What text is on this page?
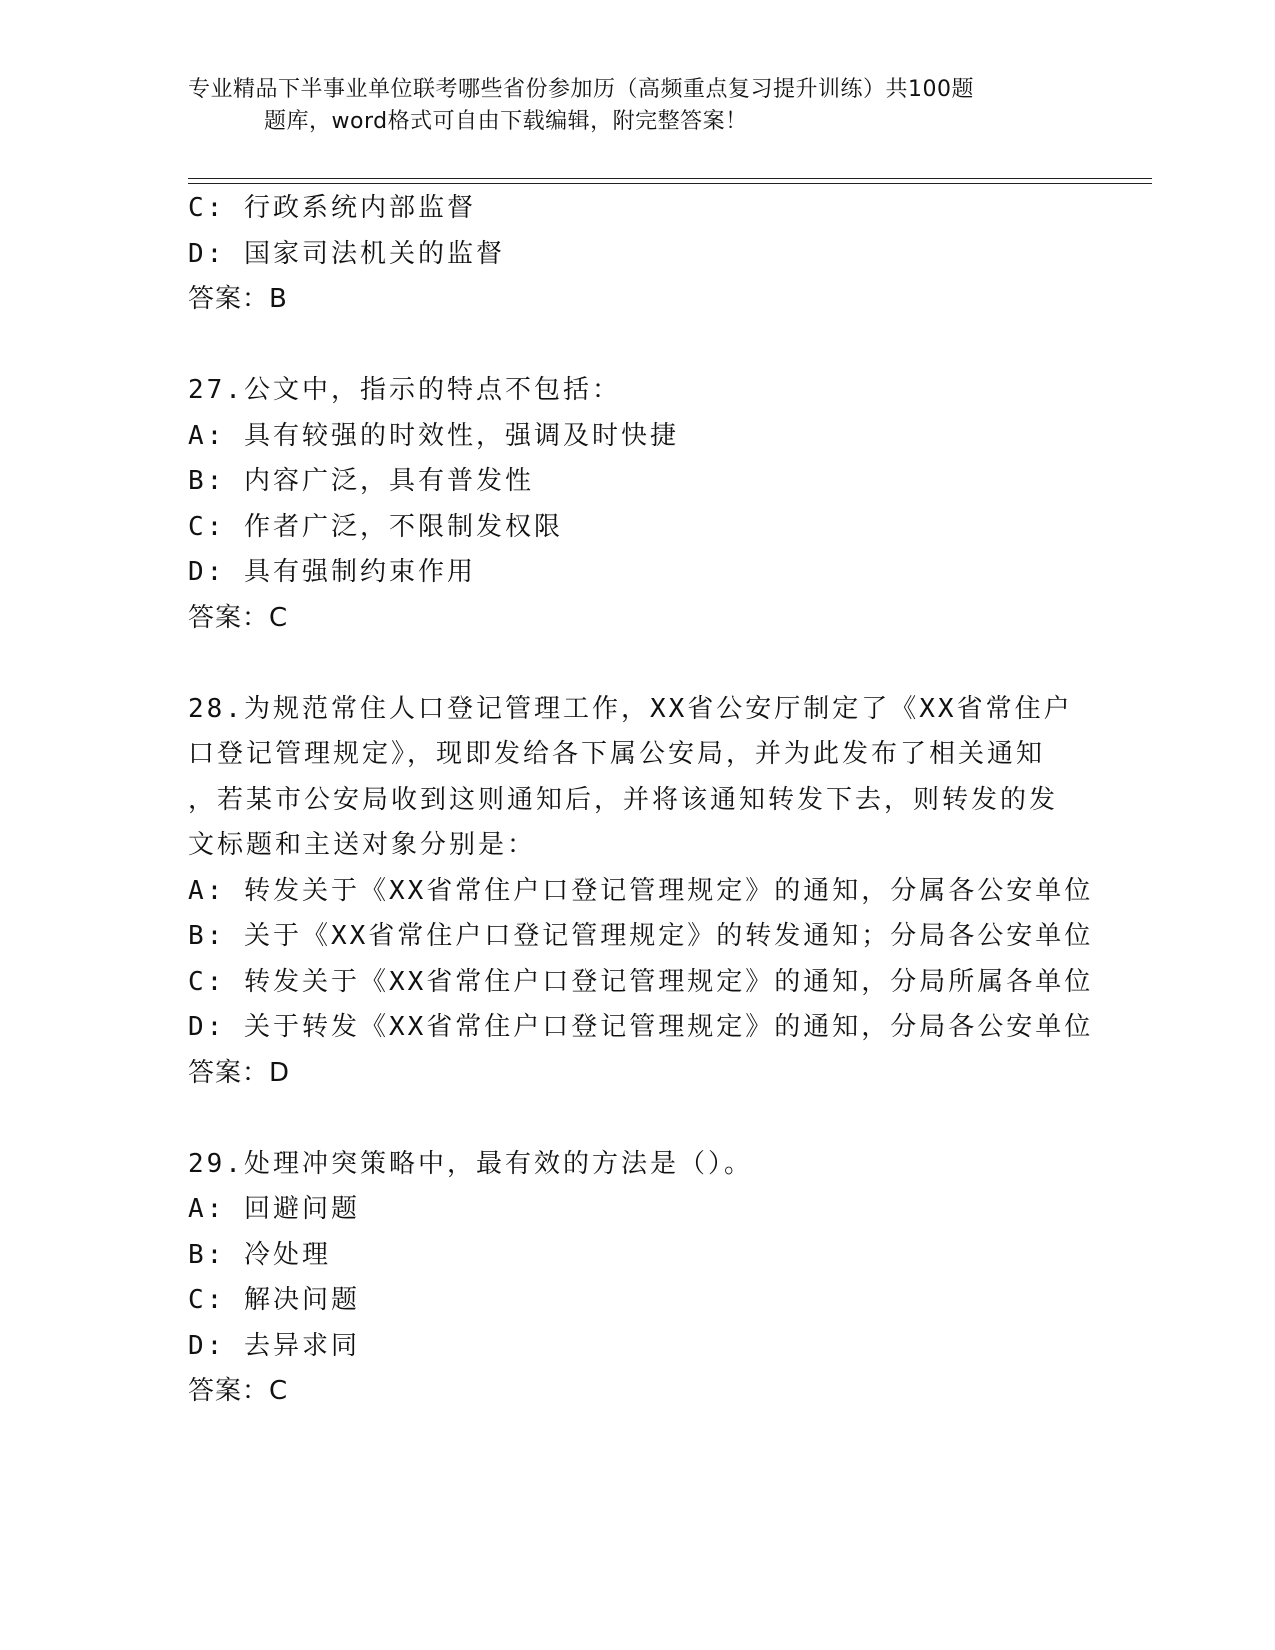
专业精品下半事业单位联考哪些省份参加历（高频重点复习提升训练）共100题
题库，word格式可自由下载编辑，附完整答案！
C: 行政系统内部监督
D: 国家司法机关的监督
答案：B
27.公文中，指示的特点不包括：
A: 具有较强的时效性，强调及时快捷
B: 内容广泛，具有普发性
C: 作者广泛，不限制发权限
D: 具有强制约束作用
答案：C
28.为规范常住人口登记管理工作，XX省公安厅制定了《XX省常住户
口登记管理规定》，现即发给各下属公安局，并为此发布了相关通知
，若某市公安局收到这则通知后，并将该通知转发下去，则转发的发
文标题和主送对象分别是：
A: 转发关于《XX省常住户口登记管理规定》的通知，分属各公安单位
B: 关于《XX省常住户口登记管理规定》的转发通知；分局各公安单位
C: 转发关于《XX省常住户口登记管理规定》的通知，分局所属各单位
D: 关于转发《XX省常住户口登记管理规定》的通知，分局各公安单位
答案：D
29.处理冲突策略中，最有效的方法是（）。
A: 回避问题
B: 冷处理
C: 解决问题
D: 去异求同
答案：C
